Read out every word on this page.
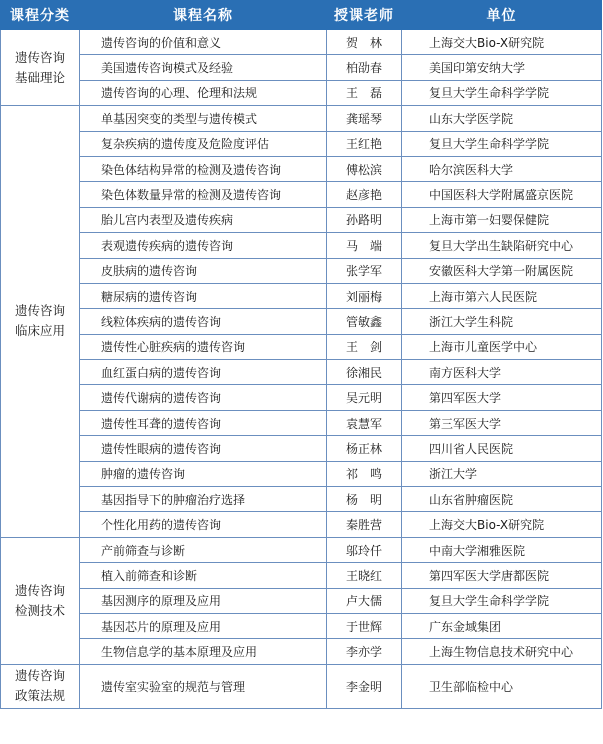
课程分类	课程名称	授课老师	单位

遗传咨询
基础理论	遗传咨询的价值和意义	贺　林	上海交大Bio-X研究院
	美国遗传咨询模式及经验	柏劭春	美国印第安纳大学
	遗传咨询的心理、伦理和法规	王　磊	复旦大学生命科学学院

遗传咨询
临床应用	单基因突变的类型与遗传模式	龚瑶琴	山东大学医学院
	复杂疾病的遗传度及危险度评估	王红艳	复旦大学生命科学学院
	染色体结构异常的检测及遗传咨询	傅松滨	哈尔滨医科大学
	染色体数量异常的检测及遗传咨询	赵彦艳	中国医科大学附属盛京医院
	胎儿宫内表型及遗传疾病	孙路明	上海市第一妇婴保健院
	表观遗传疾病的遗传咨询	马　端	复旦大学出生缺陷研究中心
	皮肤病的遗传咨询	张学军	安徽医科大学第一附属医院
	糖尿病的遗传咨询	刘丽梅	上海市第六人民医院
	线粒体疾病的遗传咨询	管敏鑫	浙江大学生科院
	遗传性心脏疾病的遗传咨询	王　剑	上海市儿童医学中心
	血红蛋白病的遗传咨询	徐湘民	南方医科大学
	遗传代谢病的遗传咨询	吴元明	第四军医大学
	遗传性耳聋的遗传咨询	袁慧军	第三军医大学
	遗传性眼病的遗传咨询	杨正林	四川省人民医院
	肿瘤的遗传咨询	祁　鸣	浙江大学
	基因指导下的肿瘤治疗选择	杨　明	山东省肿瘤医院
	个性化用药的遗传咨询	秦胜营	上海交大Bio-X研究院

遗传咨询
检测技术	产前筛查与诊断	邬玲仟	中南大学湘雅医院
	植入前筛查和诊断	王晓红	第四军医大学唐都医院
	基因测序的原理及应用	卢大儒	复旦大学生命科学学院
	基因芯片的原理及应用	于世辉	广东金域集团
	生物信息学的基本原理及应用	李亦学	上海生物信息技术研究中心

遗传咨询
政策法规	遗传室实验室的规范与管理	李金明	卫生部临检中心
